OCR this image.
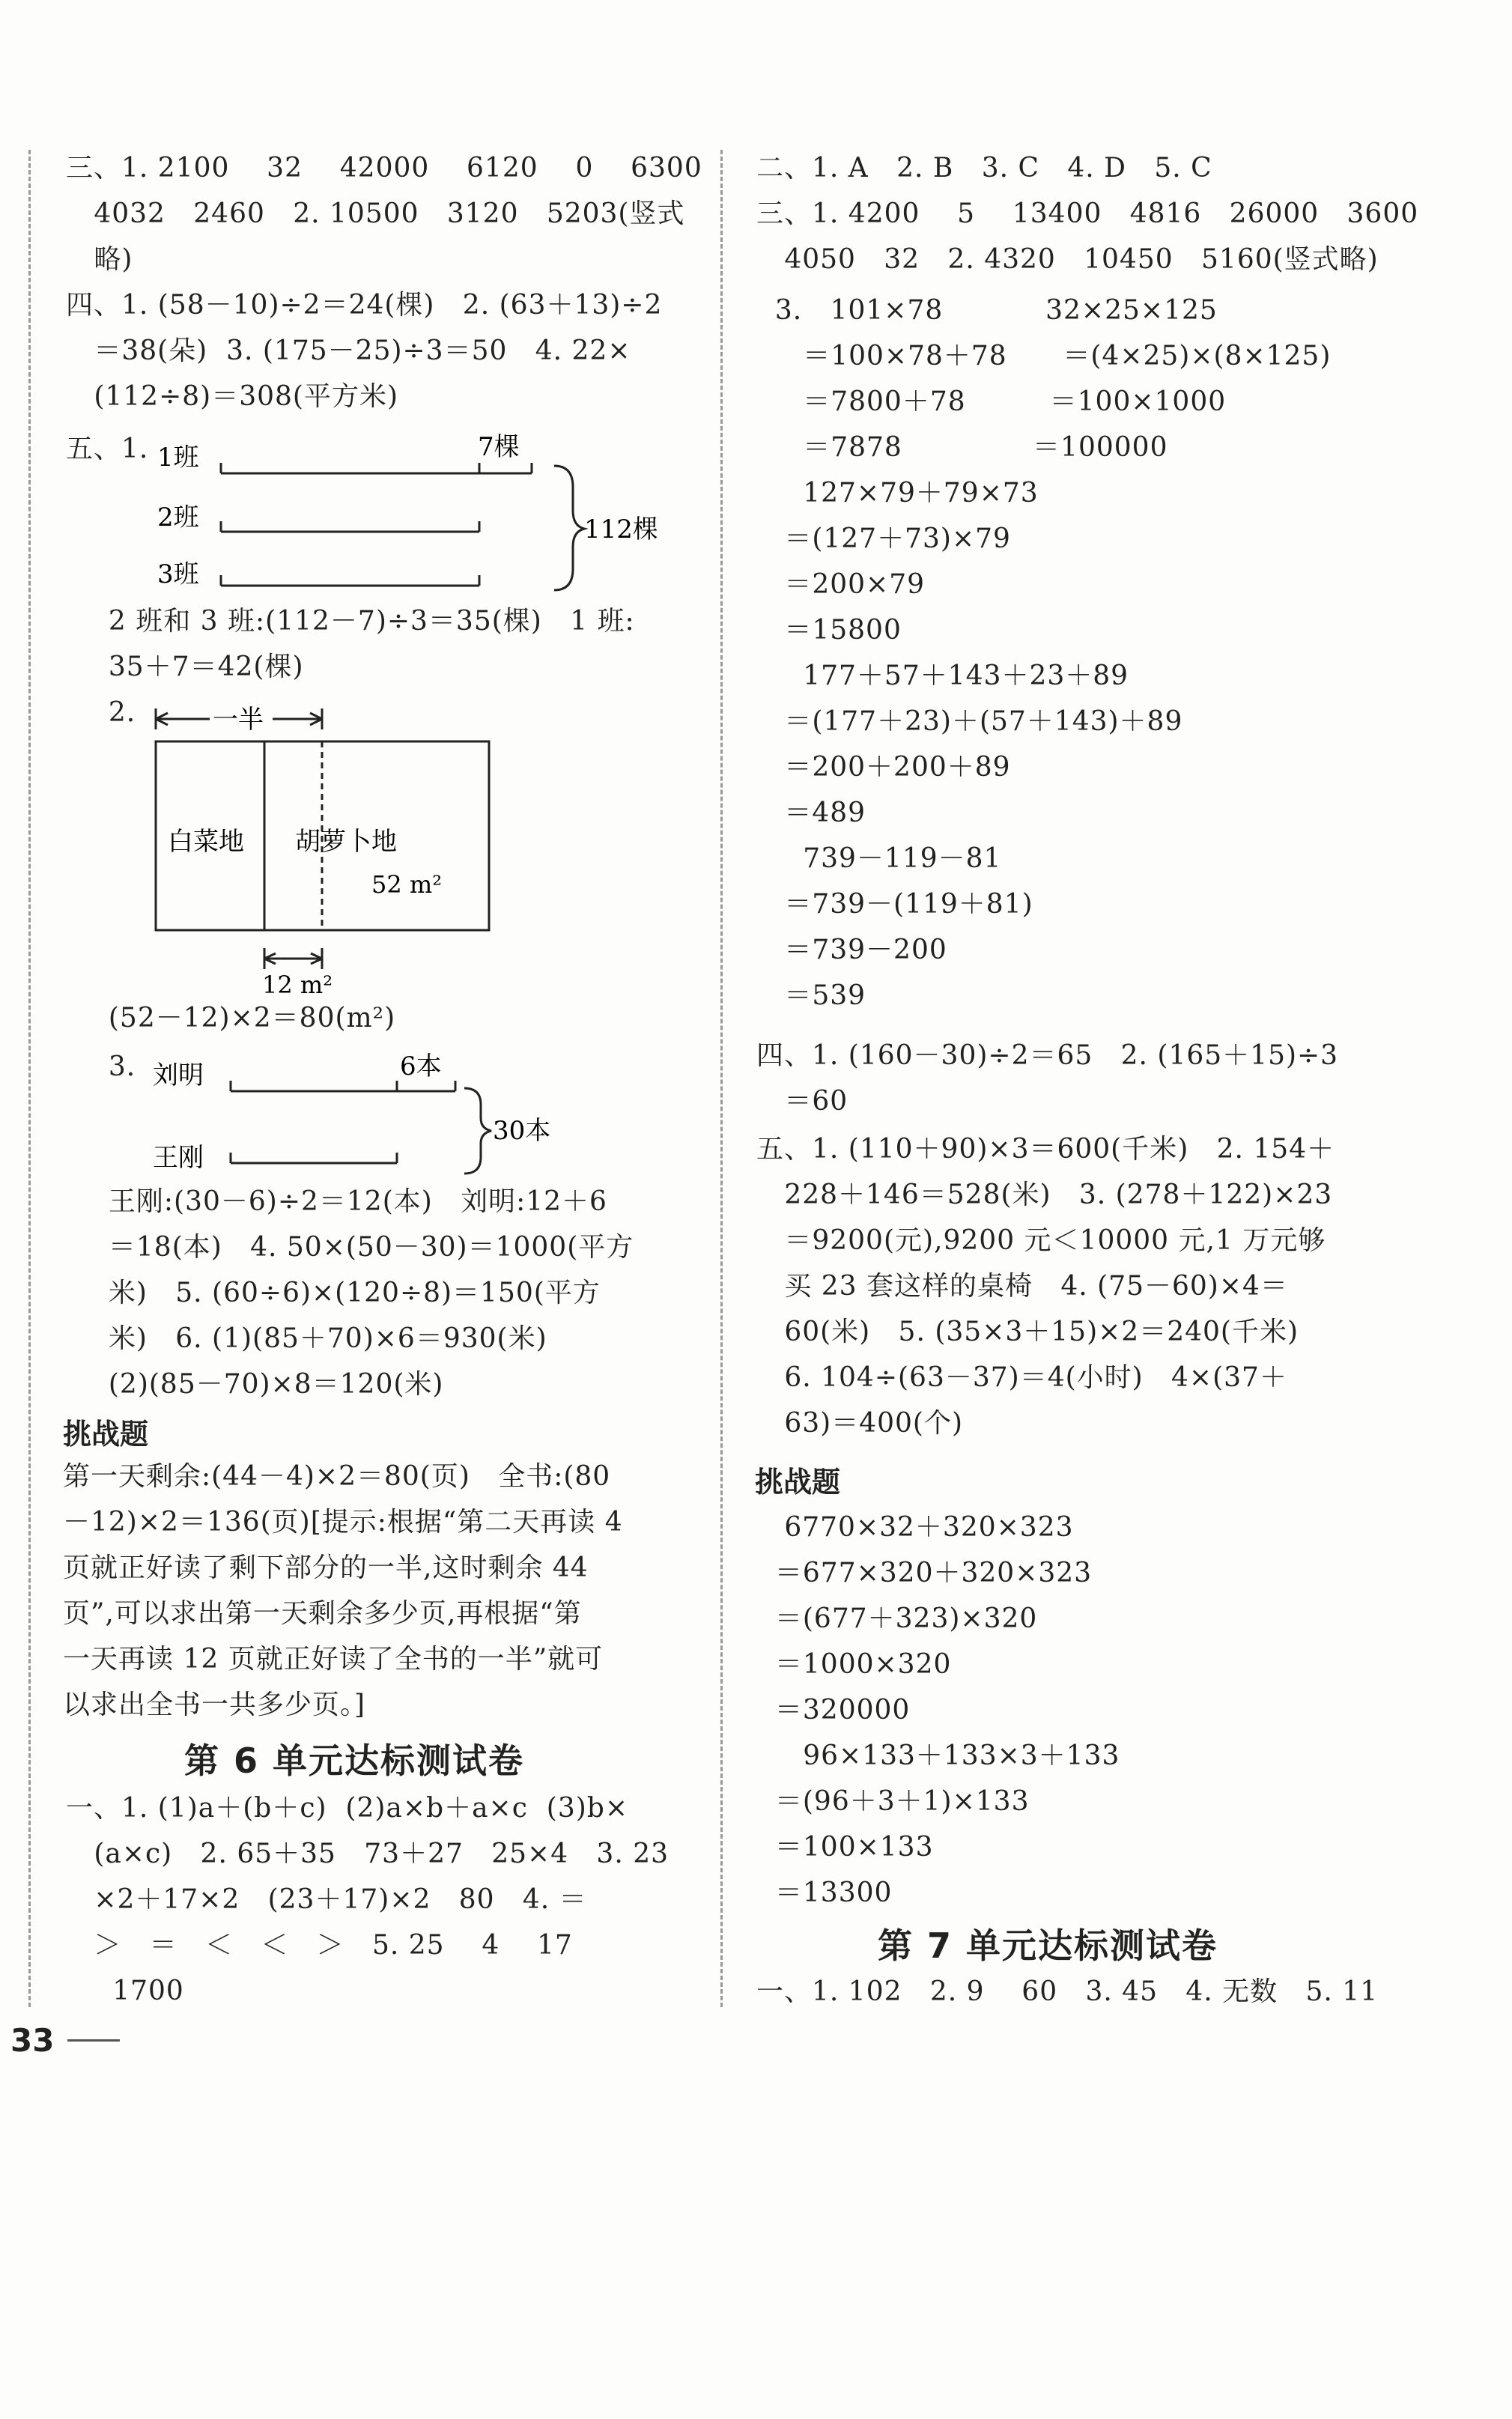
三、1. 2100    32    42000    6120    0    6300
4032   2460   2. 10500   3120   5203(竖式
略)
四、1. (58－10)÷2＝24(棵)   2. (63＋13)÷2
＝38(朵)  3. (175－25)÷3＝50   4. 22×
(112÷8)＝308(平方米)
五、1. 1班	7棵
2班
3班
112棵
2 班和 3 班:(112－7)÷3＝35(棵)   1 班:
35＋7＝42(棵)
2.	一半
白菜地 胡萝卜地
52 m²
12 m²
(52－12)×2＝80(m²)
3. 刘明	6本
王刚
30本
王刚:(30－6)÷2＝12(本)   刘明:12＋6
＝18(本)   4. 50×(50－30)＝1000(平方
米)   5. (60÷6)×(120÷8)＝150(平方
米)   6. (1)(85＋70)×6＝930(米)
(2)(85－70)×8＝120(米)
挑战题
第一天剩余:(44－4)×2＝80(页)   全书:(80
－12)×2＝136(页)[提示:根据“第二天再读 4
页就正好读了剩下部分的一半,这时剩余 44
页”,可以求出第一天剩余多少页,再根据“第
一天再读 12 页就正好读了全书的一半”就可
以求出全书一共多少页。]
第 6 单元达标测试卷
一、1. (1)a＋(b＋c)  (2)a×b＋a×c  (3)b×
(a×c)   2. 65＋35   73＋27   25×4   3. 23
×2＋17×2   (23＋17)×2   80   4. ＝
＞   ＝   ＜   ＜   ＞   5. 25    4    17
1700
二、1. A   2. B   3. C   4. D   5. C
三、1. 4200    5    13400   4816   26000   3600
4050   32   2. 4320   10450   5160(竖式略)
3.   101×78           32×25×125
＝100×78＋78      ＝(4×25)×(8×125)
＝7800＋78         ＝100×1000
＝7878              ＝100000
127×79＋79×73
＝(127＋73)×79
＝200×79
＝15800
177＋57＋143＋23＋89
＝(177＋23)＋(57＋143)＋89
＝200＋200＋89
＝489
739－119－81
＝739－(119＋81)
＝739－200
＝539
四、1. (160－30)÷2＝65   2. (165＋15)÷3
＝60
五、1. (110＋90)×3＝600(千米)   2. 154＋
228＋146＝528(米)   3. (278＋122)×23
＝9200(元),9200 元＜10000 元,1 万元够
买 23 套这样的桌椅   4. (75－60)×4＝
60(米)   5. (35×3＋15)×2＝240(千米)
6. 104÷(63－37)＝4(小时)   4×(37＋
63)＝400(个)
挑战题
6770×32＋320×323
＝677×320＋320×323
＝(677＋323)×320
＝1000×320
＝320000
96×133＋133×3＋133
＝(96＋3＋1)×133
＝100×133
＝13300
第 7 单元达标测试卷
一、1. 102   2. 9    60   3. 45   4. 无数   5. 11
33
